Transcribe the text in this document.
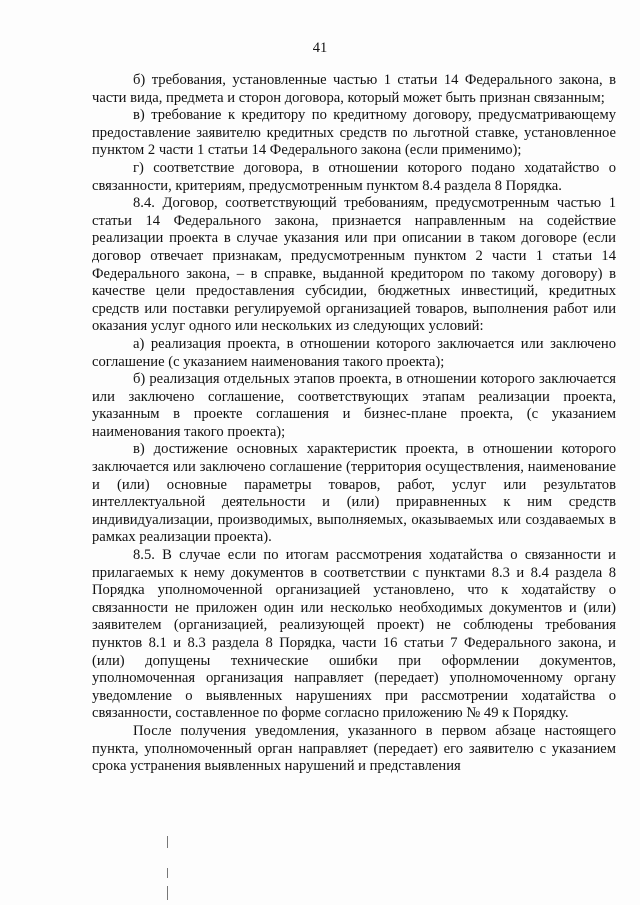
41

б) требования, установленные частью 1 статьи 14 Федерального закона, в части вида, предмета и сторон договора, который может быть признан связанным;

в) требование к кредитору по кредитному договору, предусматривающему предоставление заявителю кредитных средств по льготной ставке, установленное пунктом 2 части 1 статьи 14 Федерального закона (если применимо);

г) соответствие договора, в отношении которого подано ходатайство о связанности, критериям, предусмотренным пунктом 8.4 раздела 8 Порядка.

8.4. Договор, соответствующий требованиям, предусмотренным частью 1 статьи 14 Федерального закона, признается направленным на содействие реализации проекта в случае указания или при описании в таком договоре (если договор отвечает признакам, предусмотренным пунктом 2 части 1 статьи 14 Федерального закона, – в справке, выданной кредитором по такому договору) в качестве цели предоставления субсидии, бюджетных инвестиций, кредитных средств или поставки регулируемой организацией товаров, выполнения работ или оказания услуг одного или нескольких из следующих условий:

а) реализация проекта, в отношении которого заключается или заключено соглашение (с указанием наименования такого проекта);

б) реализация отдельных этапов проекта, в отношении которого заключается или заключено соглашение, соответствующих этапам реализации проекта, указанным в проекте соглашения и бизнес-плане проекта, (с указанием наименования такого проекта);

в) достижение основных характеристик проекта, в отношении которого заключается или заключено соглашение (территория осуществления, наименование и (или) основные параметры товаров, работ, услуг или результатов интеллектуальной деятельности и (или) приравненных к ним средств индивидуализации, производимых, выполняемых, оказываемых или создаваемых в рамках реализации проекта).

8.5. В случае если по итогам рассмотрения ходатайства о связанности и прилагаемых к нему документов в соответствии с пунктами 8.3 и 8.4 раздела 8 Порядка уполномоченной организацией установлено, что к ходатайству о связанности не приложен один или несколько необходимых документов и (или) заявителем (организацией, реализующей проект) не соблюдены требования пунктов 8.1 и 8.3 раздела 8 Порядка, части 16 статьи 7 Федерального закона, и (или) допущены технические ошибки при оформлении документов, уполномоченная организация направляет (передает) уполномоченному органу уведомление о выявленных нарушениях при рассмотрении ходатайства о связанности, составленное по форме согласно приложению № 49 к Порядку.

После получения уведомления, указанного в первом абзаце настоящего пункта, уполномоченный орган направляет (передает) его заявителю с указанием срока устранения выявленных нарушений и представления
